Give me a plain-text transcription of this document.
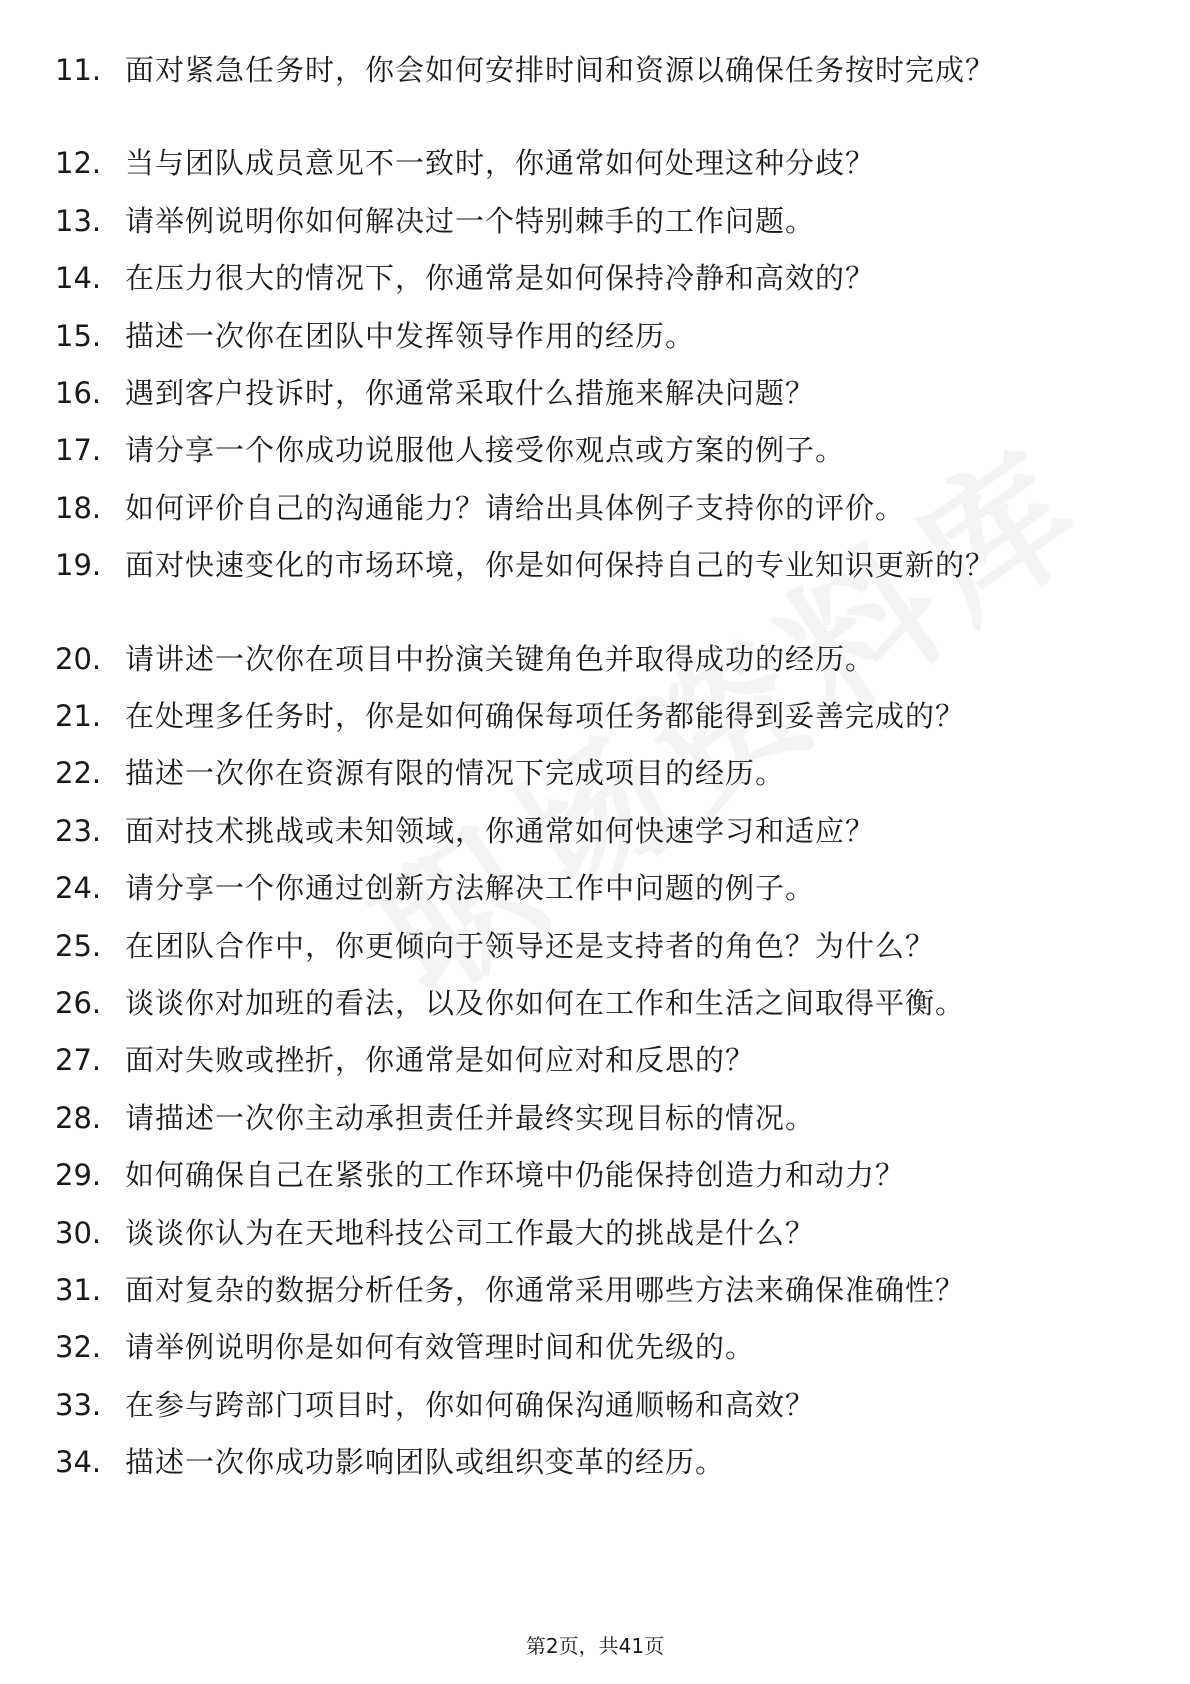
11. 面对紧急任务时，你会如何安排时间和资源以确保任务按时完成？
12. 当与团队成员意见不一致时，你通常如何处理这种分歧？
13. 请举例说明你如何解决过一个特别棘手的工作问题。
14. 在压力很大的情况下，你通常是如何保持冷静和高效的？
15. 描述一次你在团队中发挥领导作用的经历。
16. 遇到客户投诉时，你通常采取什么措施来解决问题？
17. 请分享一个你成功说服他人接受你观点或方案的例子。
18. 如何评价自己的沟通能力？请给出具体例子支持你的评价。
19. 面对快速变化的市场环境，你是如何保持自己的专业知识更新的？
20. 请讲述一次你在项目中扮演关键角色并取得成功的经历。
21. 在处理多任务时，你是如何确保每项任务都能得到妥善完成的？
22. 描述一次你在资源有限的情况下完成项目的经历。
23. 面对技术挑战或未知领域，你通常如何快速学习和适应？
24. 请分享一个你通过创新方法解决工作中问题的例子。
25. 在团队合作中，你更倾向于领导还是支持者的角色？为什么？
26. 谈谈你对加班的看法，以及你如何在工作和生活之间取得平衡。
27. 面对失败或挫折，你通常是如何应对和反思的？
28. 请描述一次你主动承担责任并最终实现目标的情况。
29. 如何确保自己在紧张的工作环境中仍能保持创造力和动力？
30. 谈谈你认为在天地科技公司工作最大的挑战是什么？
31. 面对复杂的数据分析任务，你通常采用哪些方法来确保准确性？
32. 请举例说明你是如何有效管理时间和优先级的。
33. 在参与跨部门项目时，你如何确保沟通顺畅和高效？
34. 描述一次你成功影响团队或组织变革的经历。
第2页，共41页
